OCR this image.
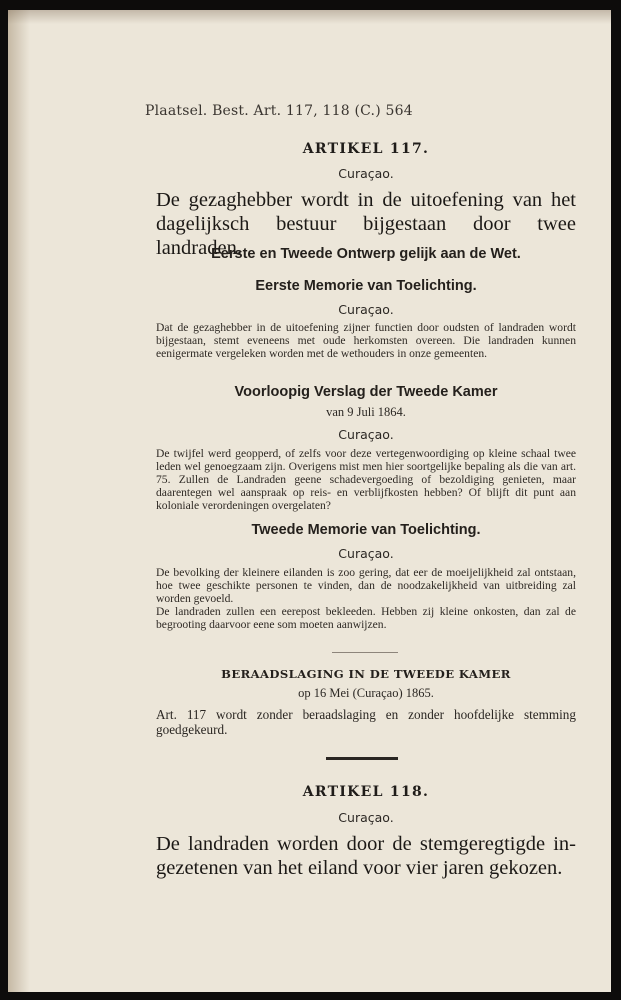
Plaatsel. Best. Art. 117, 118 (C.) 564
ARTIKEL 117.
Curaçao.
De gezaghebber wordt in de uitoefening van het
dagelijksch bestuur bijgestaan door twee landraden.
Eerste en Tweede Ontwerp gelijk aan de Wet.
Eerste Memorie van Toelichting.
Curaçao.

Dat de gezaghebber in de uitoefening zijner functien door oudsten of landraden wordt bijgestaan, stemt eveneens met oude herkomsten overeen. Die landraden kunnen eenigermate vergeleken worden met de wethouders in onze gemeenten.

Voorloopig Verslag der Tweede Kamer
van 9 Juli 1864.
Curaçao.

De twijfel werd geopperd, of zelfs voor deze vertegenwoordiging op kleine schaal twee leden wel genoegzaam zijn. Overigens mist men hier soortgelijke bepaling als die van art. 75. Zullen de Landraden geene schadevergoeding of bezoldiging genieten, maar daarentegen wel aanspraak op reis- en verblijfkosten hebben? Of blijft dit punt aan koloniale verordeningen overgelaten?

Tweede Memorie van Toelichting.
Curaçao.

De bevolking der kleinere eilanden is zoo gering, dat eer de moeijelijkheid zal ontstaan, hoe twee geschikte personen te vinden, dan de noodzakelijkheid van uitbreiding zal worden gevoeld.

De landraden zullen een eerepost bekleeden. Hebben zij kleine onkosten, dan zal de begrooting daarvoor eene som moeten aanwijzen.

BERAADSLAGING IN DE TWEEDE KAMER
op 16 Mei (Curaçao) 1865.
Art. 117 wordt zonder beraadslaging en zonder hoofdelijke stemming goedgekeurd.
ARTIKEL 118.
Curaçao.
De landraden worden door de stemgeregtigde in-
gezetenen van het eiland voor vier jaren gekozen.
